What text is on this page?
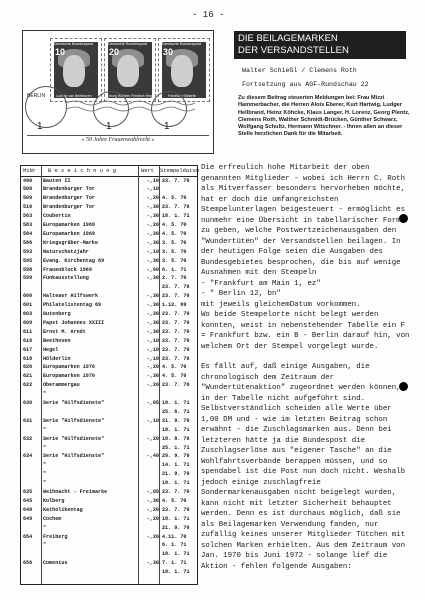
- 16 -
Deutsche Bundespost
10
Ludwig van Beethoven
Deutsche Bundespost
20
Georg Wilhelm Friedrich Hegel
Deutsche Bundespost
30
Friedrich Hölderlin
BERLIN
1	1	1
» 50 Jahre Frauenwahlrecht «
DIE BEILAGEMARKEN
DER VERSANDSTELLEN
Walter Schießl / Clemens Roth
Fortsetzung aus AGF-Rundschau 22
Zu diesem Beitrag steuerten Meldungen bei: Frau Mizzi Hammerbacher, die Herren Alois Eberer, Kurt Hartwig, Ludger Hellbrand, Heinz Köhcke, Klaus Langer, H. Lorenz, Georg Plentz, Clemens Roth, Walther Schmidt-Brücken, Günther Schwarz, Wolfgang Schultz, Hermann Witschner. - Ihnen allen an dieser Stelle herzlichen Dank für die Mitarbeit.
MiNr B e z e i c h n u n g	Wert Stempeldatum
490	Bauten II	-,10 23. 7. 70
508	Brandenburger Tor	-,10
509	Brandenburger Tor	-,20 4. 5. 70
510	Brandenburger Tor	-,30 23. 7. 70
563	Coubertin	-,30 18. 1. 71
583	Europamarken 1969	-,20 4. 5. 70
584	Europamarken 1969	-,30 4. 5. 70
586	Kriegsgräber-Marke	-,30 3. 5. 70
593	Naturschutzjahr	-,10 3. 5. 70
595	Evang. Kirchentag 69	-,30 3. 5. 70
598	Frauenblock 1969	-,60 6. 1. 71
599	Funkausstellung	-,30 2. 7. 70
23. 7. 70
600	Halteaer Hilfswerk	-,30 23. 7. 70
601	Philatelistentag 69	-,30 1.12. 69
603	Gutenberg	-,30 23. 7. 70
609	Papst Johannes XXIII	-,30 23. 7. 70
611	Ernst M. Arndt	-,30 23. 7. 70
616	Beethoven	-,10 23. 7. 70
617	Hegel	-,10 23. 7. 70
618	Hölderlin	-,10 23. 7. 70
620	Europamarken 1970	-,20 4. 5. 70
621	Europamarken 1970	-,30 4. 5. 70
622	Oberammergau	-,20 23. 7. 70
"
630	Serie "Hilfsdienste"	-,05 18. 1. 71
25. 6. 71
631	Serie "Hilfsdienste"	-,10 21. 9. 70
"	18. 1. 71
632	Serie "Hilfsdienste"	-,20 18. 8. 70
"	25. 1. 71
634	Serie "Hilfsdienste"	-,40 29. 9. 70
"	14. 1. 71
"	21. 9. 70
"	18. 1. 71
635	Weihnacht - Freimarke	-,05 23. 7. 70
645	Kolberg	-,30 4. 5. 70
648	Katholikentag	-,20 23. 7. 70
649	Cochem	-,20 18. 1. 71
"	21. 9. 70
654	Freiberg	-,20 4.11. 70
"	6. 1. 71
18. 1. 71
656	Comenius	-,30 7. 1. 71
18. 1. 71

Die erfreulich hohe Mitarbeit der oben genannten Mitglieder - wobei ich Herrn C. Roth als Mitverfasser besonders hervorheben möchte, hat er doch die umfangreichsten Stempelunterlagen beigesteuert - ermöglicht es nunmehr eine Übersicht in tabellarischer Form zu geben, welche Postwertzeichenausgaben den "Wundertüten" der Versandstellen beilagen. In der heutigen Folge seien die Ausgaben des Bundesgebietes besprochen, die bis auf wenige Ausnahmen mit den Stempeln
- "Frankfurt am Main 1, ez"
- " Berlin 12, bn"
mit jeweils gleichemDatum vorkommen.
Wo beide Stempelorte nicht belegt werden konnten, weist in nebenstehender Tabelle ein F = Frankfurt bzw. ein B - Berlin darauf hin, von welchem Ort der Stempel vorgelegt wurde.

Es fällt auf, daß einige Ausgaben, die chronologisch dem Zeitraum der "Wundertütenaktion" zugeordnet werden können, in der Tabelle nicht aufgeführt sind. Selbstverständlich scheiden alle Werte über 1,00 DM und - wie im letzten Beitrag schon erwähnt - die Zuschlagsmarken aus. Denn bei letzteren hätte ja die Bundespost die Zuschlagserlöse aus "eigener Tasche" an die Wohlfahrtsverbände berappen müssen, und so spendabel ist die Post nun doch nicht. Weshalb jedoch einige zuschlagfreie Sondermarkenausgaben nicht beigelegt wurden, kann nicht mit letzter Sicherheit behauptet werden. Denn es ist durchaus möglich, daß sie als Beilagemarken Verwendung fanden, nur zufällig keines unserer Mitglieder Tütchen mit solchen Marken erhielten. Aus dem Zeitraum von Jan. 1970 bis Juni 1972 - solange lief die Aktion - fehlen folgende Ausgaben:
